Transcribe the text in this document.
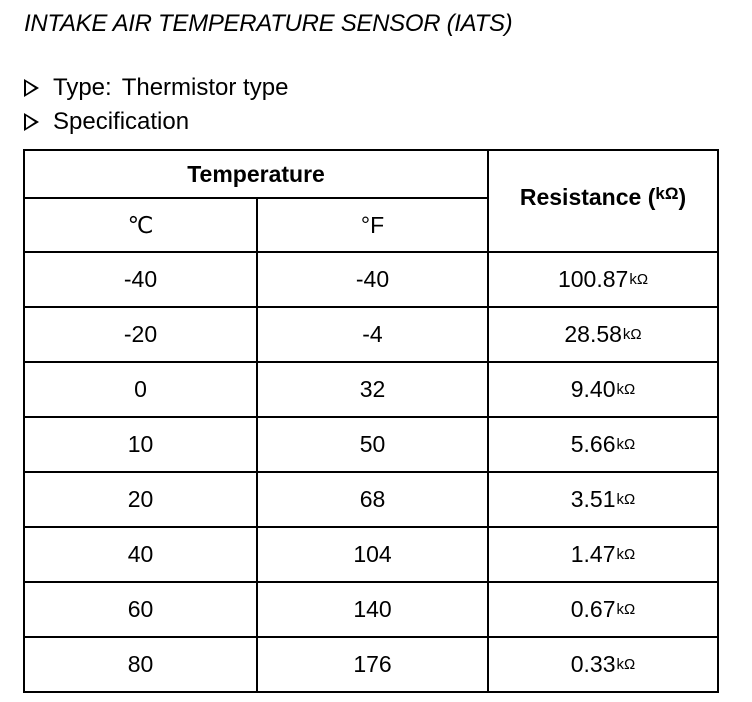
INTAKE AIR TEMPERATURE SENSOR (IATS)
Type: Thermistor type
Specification
Temperature		Resistance ($^{k\Omega}$)
℃	°F	
-40	-40	100.87kΩ
-20	-4	28.58kΩ
0	32	9.40kΩ
10	50	5.66kΩ
20	68	3.51kΩ
40	104	1.47kΩ
60	140	0.67kΩ
80	176	0.33kΩ
